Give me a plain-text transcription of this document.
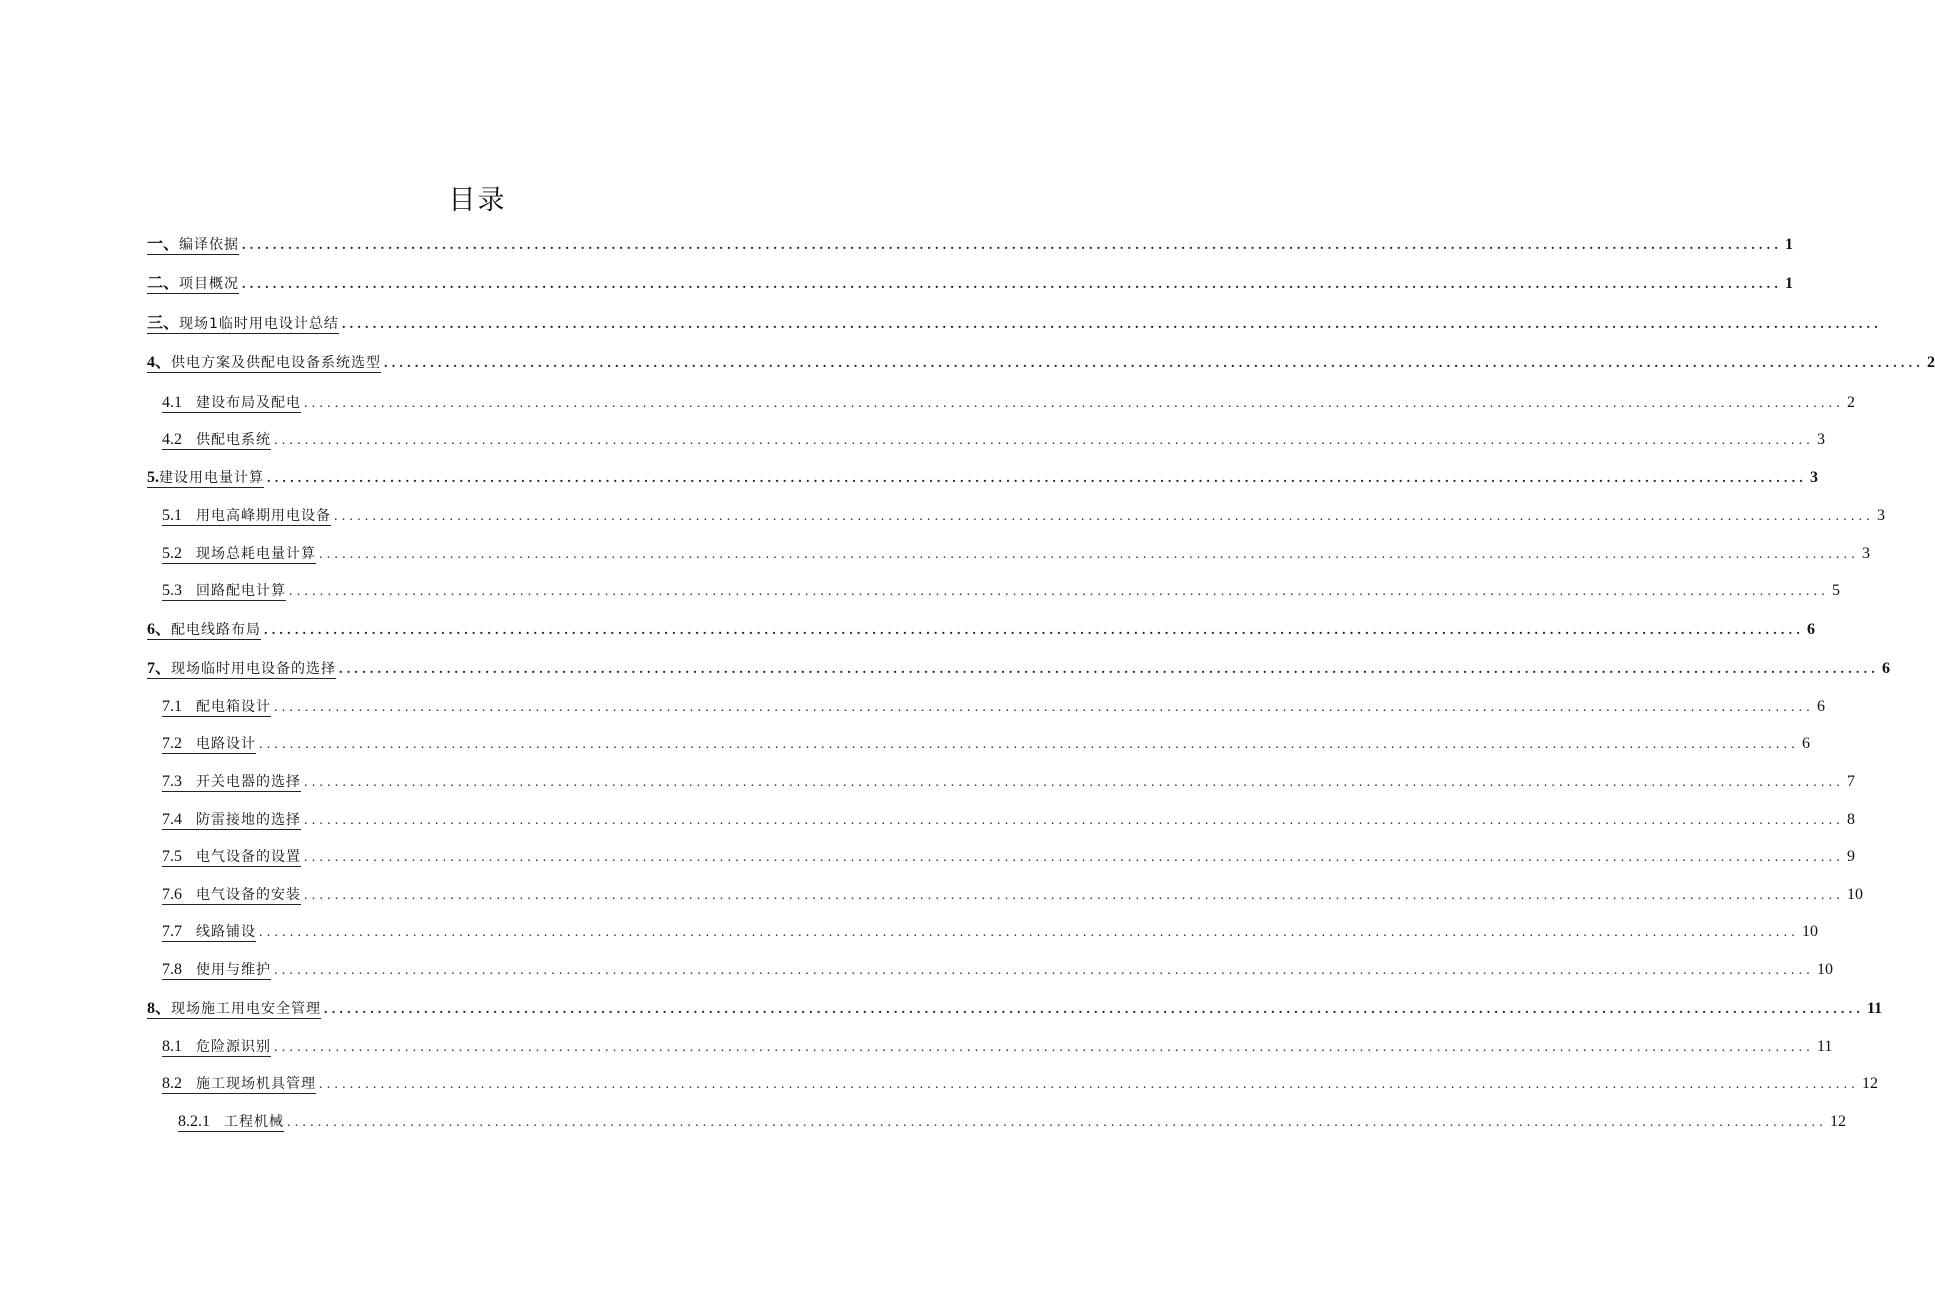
目录
一、 编译依据 ........................................................................................................................................................................................................ 1
二、 项目概况 ........................................................................................................................................................................................................ 1
三、 现场1临时用电设计总结 ........................................................................................................................................................................................................
4、 供电方案及供配电设备系统选型 ........................................................................................................................................................................................................ 2
4.1 建设布局及配电 ........................................................................................................................................................................................................ 2
4.2 供配电系统 ........................................................................................................................................................................................................ 3
5. 建设用电量计算 ........................................................................................................................................................................................................ 3
5.1 用电高峰期用电设备 ........................................................................................................................................................................................................ 3
5.2 现场总耗电量计算 ........................................................................................................................................................................................................ 3
5.3 回路配电计算 ........................................................................................................................................................................................................ 5
6、 配电线路布局 ........................................................................................................................................................................................................ 6
7、 现场临时用电设备的选择 ........................................................................................................................................................................................................ 6
7.1 配电箱设计 ........................................................................................................................................................................................................ 6
7.2 电路设计 ........................................................................................................................................................................................................ 6
7.3 开关电器的选择 ........................................................................................................................................................................................................ 7
7.4 防雷接地的选择 ........................................................................................................................................................................................................ 8
7.5 电气设备的设置 ........................................................................................................................................................................................................ 9
7.6 电气设备的安装 ........................................................................................................................................................................................................ 10
7.7 线路铺设 ........................................................................................................................................................................................................ 10
7.8 使用与维护 ........................................................................................................................................................................................................ 10
8、 现场施工用电安全管理 ........................................................................................................................................................................................................ 11
8.1 危险源识别 ........................................................................................................................................................................................................ 11
8.2 施工现场机具管理 ........................................................................................................................................................................................................ 12
8.2.1 工程机械 ........................................................................................................................................................................................................ 12
